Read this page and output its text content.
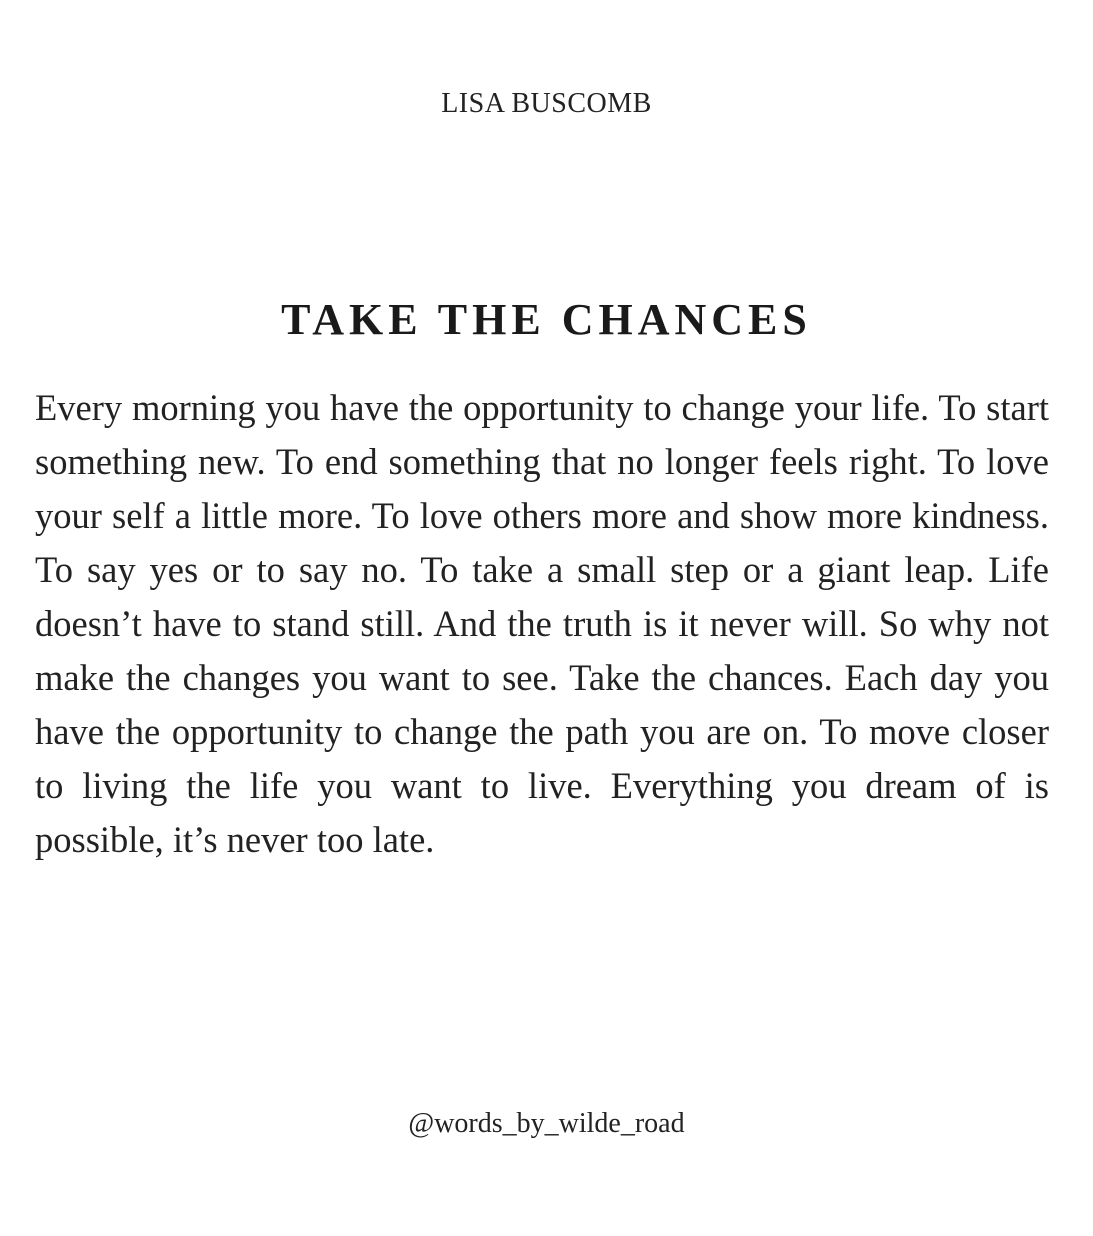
LISA BUSCOMB
TAKE THE CHANCES
Every morning you have the opportunity to change your life. To start something new. To end something that no longer feels right. To love your self a little more. To love others more and show more kindness. To say yes or to say no. To take a small step or a giant leap. Life doesn’t have to stand still. And the truth is it never will. So why not make the changes you want to see. Take the chances. Each day you have the opportunity to change the path you are on. To move closer to living the life you want to live. Everything you dream of is possible, it’s never too late.
@words_by_wilde_road
